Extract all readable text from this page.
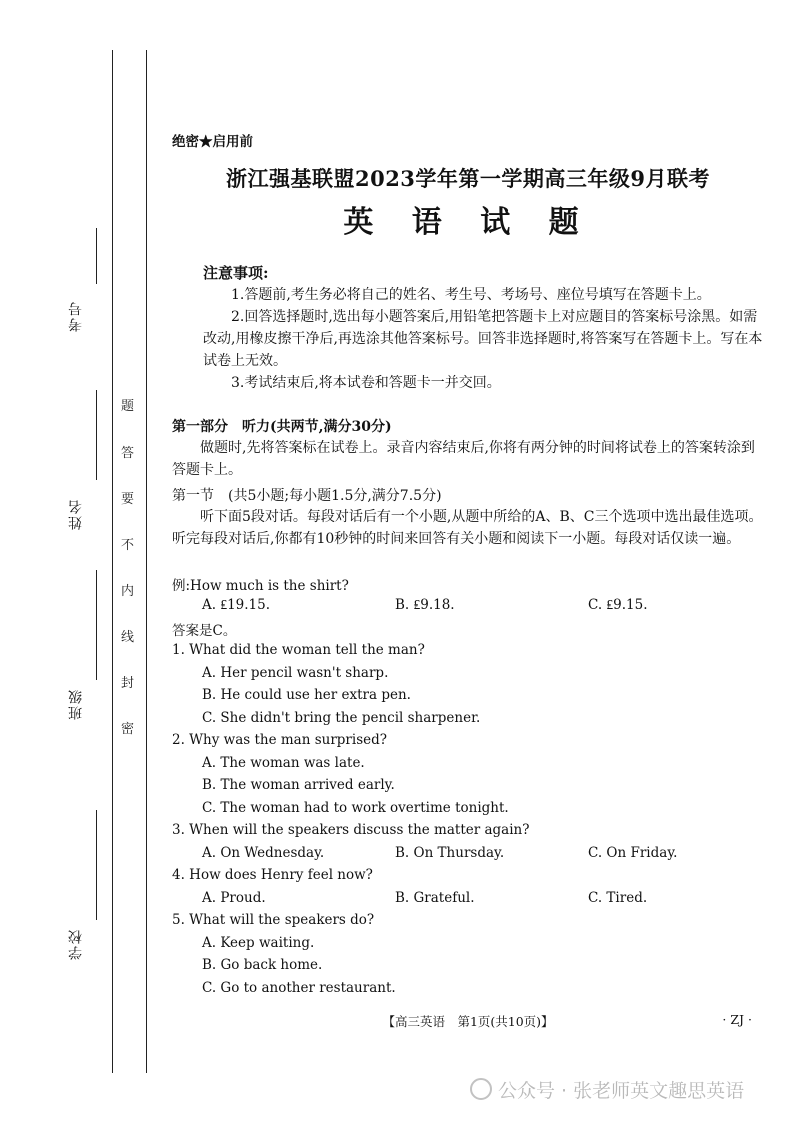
考号
姓名
班级
学校
题
答
要
不
内
线
封
密
绝密★启用前
浙江强基联盟2023学年第一学期高三年级9月联考
英 语 试 题
注意事项:
1.答题前,考生务必将自己的姓名、考生号、考场号、座位号填写在答题卡上。
2.回答选择题时,选出每小题答案后,用铅笔把答题卡上对应题目的答案标号涂黑。如需改动,用橡皮擦干净后,再选涂其他答案标号。回答非选择题时,将答案写在答题卡上。写在本试卷上无效。
3.考试结束后,将本试卷和答题卡一并交回。
第一部分　听力(共两节,满分30分)
做题时,先将答案标在试卷上。录音内容结束后,你将有两分钟的时间将试卷上的答案转涂到答题卡上。
第一节　(共5小题;每小题1.5分,满分7.5分)
听下面5段对话。每段对话后有一个小题,从题中所给的A、B、C三个选项中选出最佳选项。听完每段对话后,你都有10秒钟的时间来回答有关小题和阅读下一小题。每段对话仅读一遍。
例:How much is the shirt?
A. ₤19.15.	B. ₤9.18.	C. ₤9.15.
答案是C。
1. What did the woman tell the man?
A. Her pencil wasn't sharp.
B. He could use her extra pen.
C. She didn't bring the pencil sharpener.
2. Why was the man surprised?
A. The woman was late.
B. The woman arrived early.
C. The woman had to work overtime tonight.
3. When will the speakers discuss the matter again?
A. On Wednesday.	B. On Thursday.	C. On Friday.
4. How does Henry feel now?
A. Proud.	B. Grateful.	C. Tired.
5. What will the speakers do?
A. Keep waiting.
B. Go back home.
C. Go to another restaurant.
【高三英语　第1页(共10页)】	· ZJ ·
公众号 · 张老师英文趣思英语
